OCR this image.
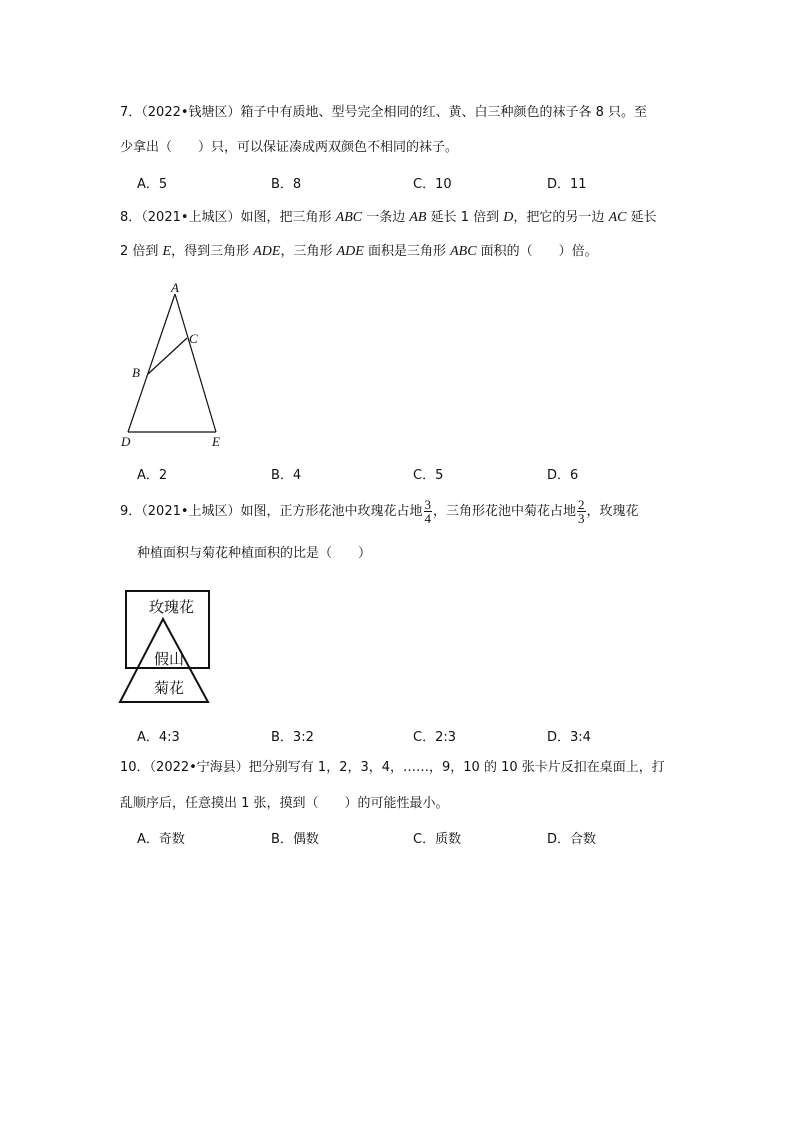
7．（2022•钱塘区）箱子中有质地、型号完全相同的红、黄、白三种颜色的袜子各 8 只。至
少拿出（　　）只，可以保证凑成两双颜色不相同的袜子。
A．5	B．8	C．10	D．11
8．（2021•上城区）如图，把三角形 ABC 一条边 AB 延长 1 倍到 D，把它的另一边 AC 延长
2 倍到 E，得到三角形 ADE，三角形 ADE 面积是三角形 ABC 面积的（　　）倍。
A
B
C
D	E
A．2	B．4	C．5	D．6
9．（2021•上城区）如图，正方形花池中玫瑰花占地 $\frac{3}{4}$ ，三角形花池中菊花占地 $\frac{2}{3}$ ，玫瑰花
种植面积与菊花种植面积的比是（　　）
玫瑰花
假山
菊花
A．4:3	B．3:2	C．2:3	D．3:4
10．（2022•宁海县）把分别写有 1，2，3，4，……，9，10 的 10 张卡片反扣在桌面上，打
乱顺序后，任意摸出 1 张，摸到（　　）的可能性最小。
A．奇数	B．偶数	C．质数	D．合数
